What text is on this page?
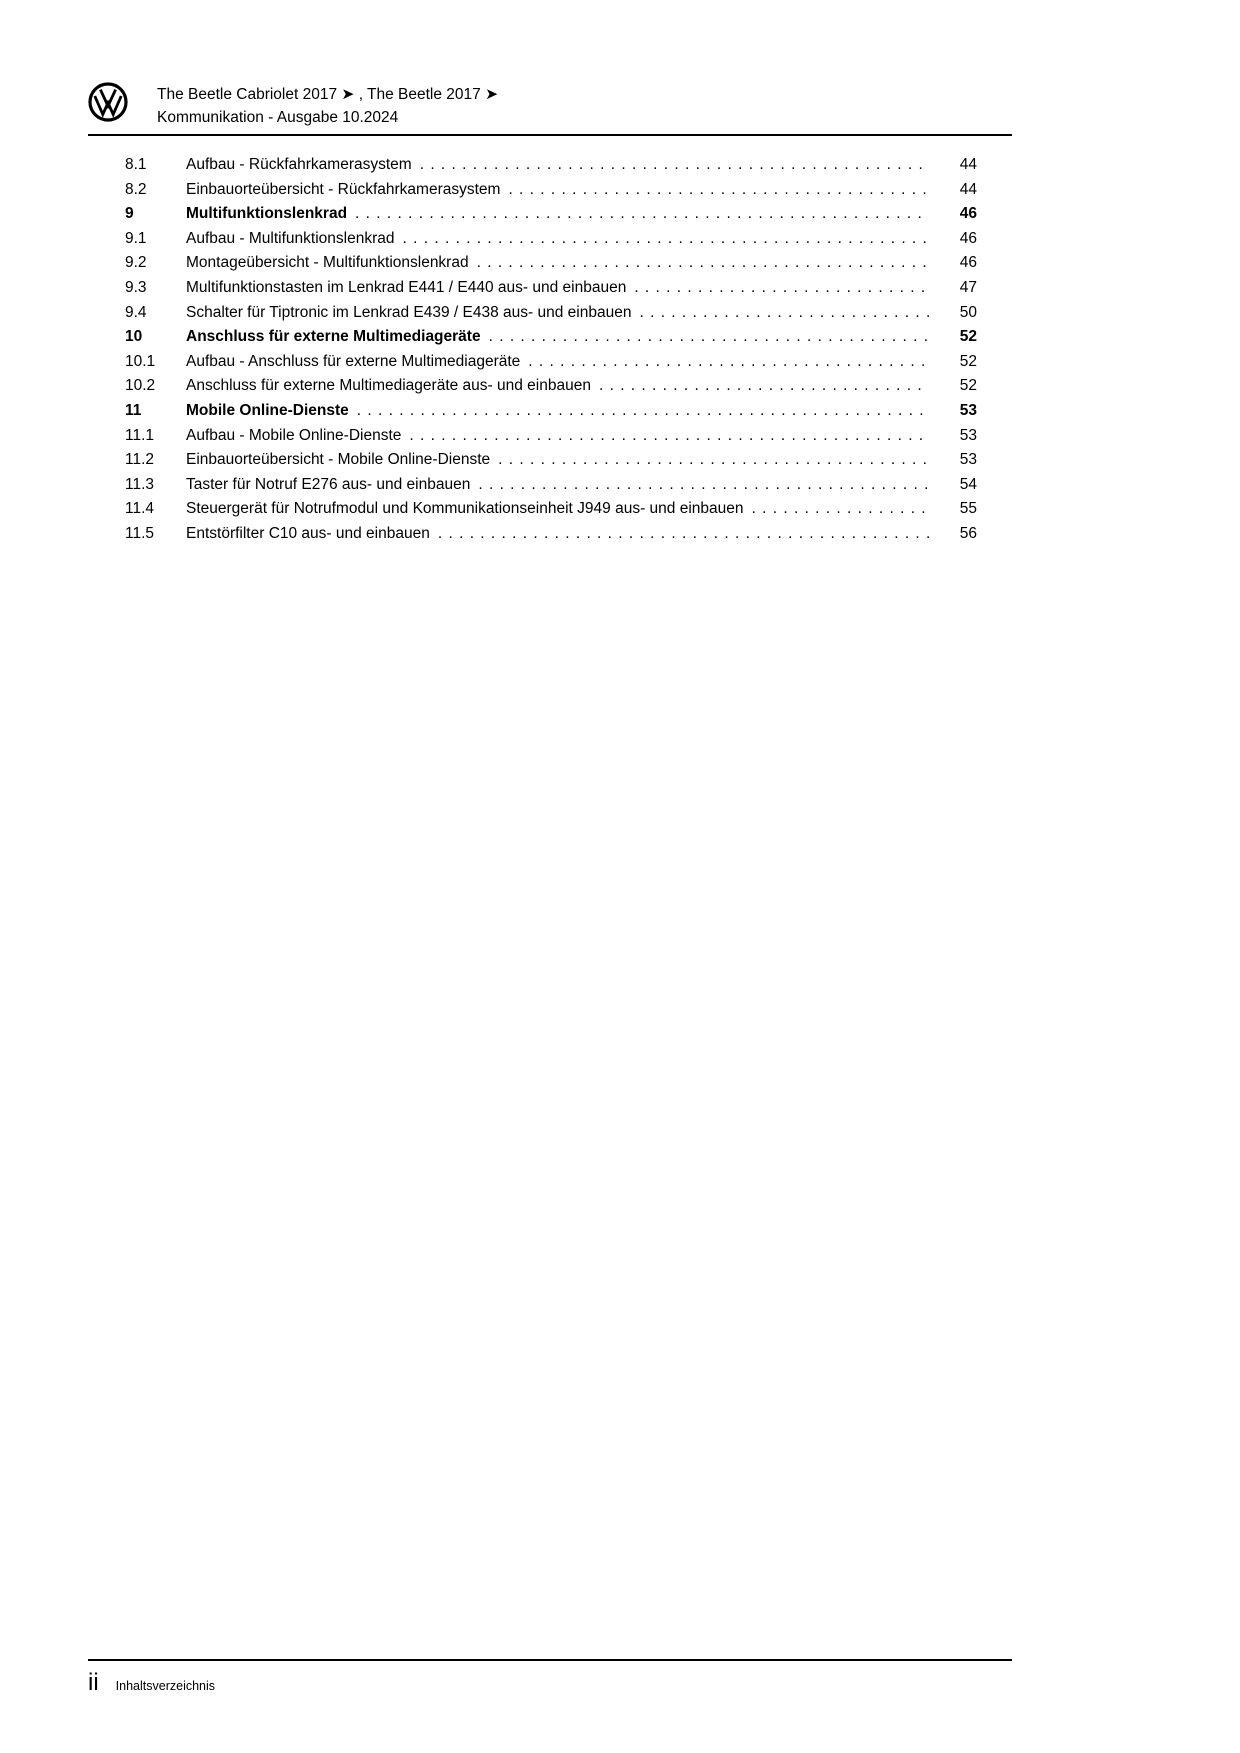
The Beetle Cabriolet 2017 ➤ , The Beetle 2017 ➤
Kommunikation - Ausgabe 10.2024
8.1	Aufbau - Rückfahrkamerasystem . . .	44
8.2	Einbauorteübersicht - Rückfahrkamerasystem . . .	44
9	Multifunktionslenkrad . . .	46
9.1	Aufbau - Multifunktionslenkrad . . .	46
9.2	Montageübersicht - Multifunktionslenkrad . . .	46
9.3	Multifunktionstasten im Lenkrad E441 / E440 aus- und einbauen . . .	47
9.4	Schalter für Tiptronic im Lenkrad E439 / E438 aus- und einbauen . . .	50
10	Anschluss für externe Multimediageräte . . .	52
10.1	Aufbau - Anschluss für externe Multimediageräte . . .	52
10.2	Anschluss für externe Multimediageräte aus- und einbauen . . .	52
11	Mobile Online-Dienste . . .	53
11.1	Aufbau - Mobile Online-Dienste . . .	53
11.2	Einbauorteübersicht - Mobile Online-Dienste . . .	53
11.3	Taster für Notruf E276 aus- und einbauen . . .	54
11.4	Steuergerät für Notrufmodul und Kommunikationseinheit J949 aus- und einbauen . . .	55
11.5	Entstörfilter C10 aus- und einbauen . . .	56
ii Inhaltsverzeichnis
